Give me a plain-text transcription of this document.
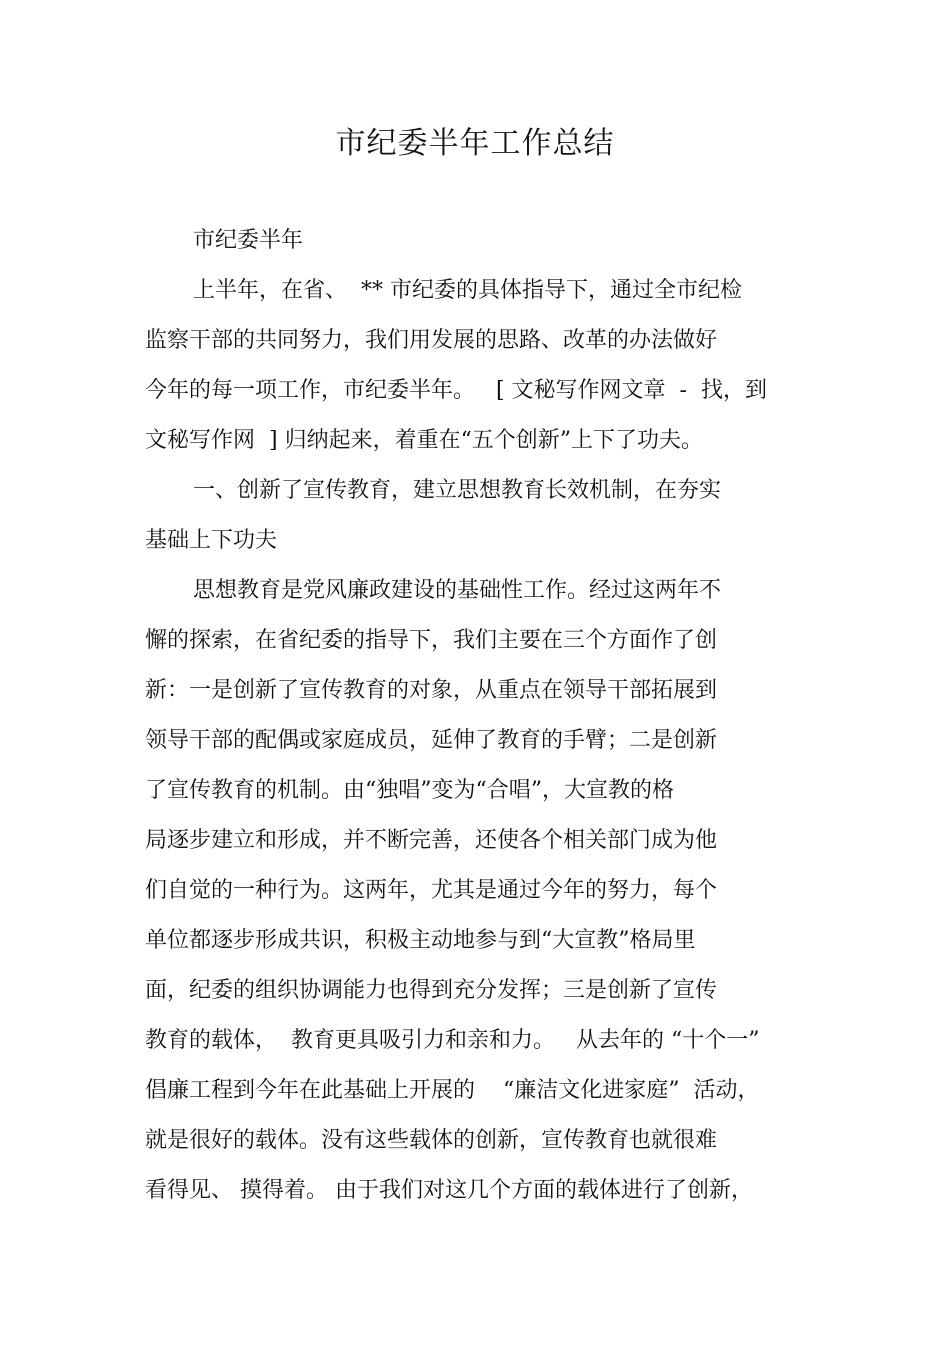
市纪委半年工作总结
市纪委半年
上半年，在省、  ** 市纪委的具体指导下，通过全市纪检
监察干部的共同努力，我们用发展的思路、改革的办法做好
今年的每一项工作，市纪委半年。   [ 文秘写作网文章  -  找，到
文秘写作网  ] 归纳起来，着重在“五个创新”上下了功夫。
一、创新了宣传教育，建立思想教育长效机制，在夯实
基础上下功夫
思想教育是党风廉政建设的基础性工作。经过这两年不
懈的探索，在省纪委的指导下，我们主要在三个方面作了创
新：一是创新了宣传教育的对象，从重点在领导干部拓展到
领导干部的配偶或家庭成员，延伸了教育的手臂；二是创新
了宣传教育的机制。由“独唱”变为“合唱”，大宣教的格
局逐步建立和形成，并不断完善，还使各个相关部门成为他
们自觉的一种行为。这两年，尤其是通过今年的努力，每个
单位都逐步形成共识，积极主动地参与到“大宣教”格局里
面，纪委的组织协调能力也得到充分发挥；三是创新了宣传
教育的载体，  教育更具吸引力和亲和力。   从去年的 “十个一”
倡廉工程到今年在此基础上开展的    “廉洁文化进家庭”  活动，
就是很好的载体。没有这些载体的创新，宣传教育也就很难
看得见、 摸得着。 由于我们对这几个方面的载体进行了创新，
